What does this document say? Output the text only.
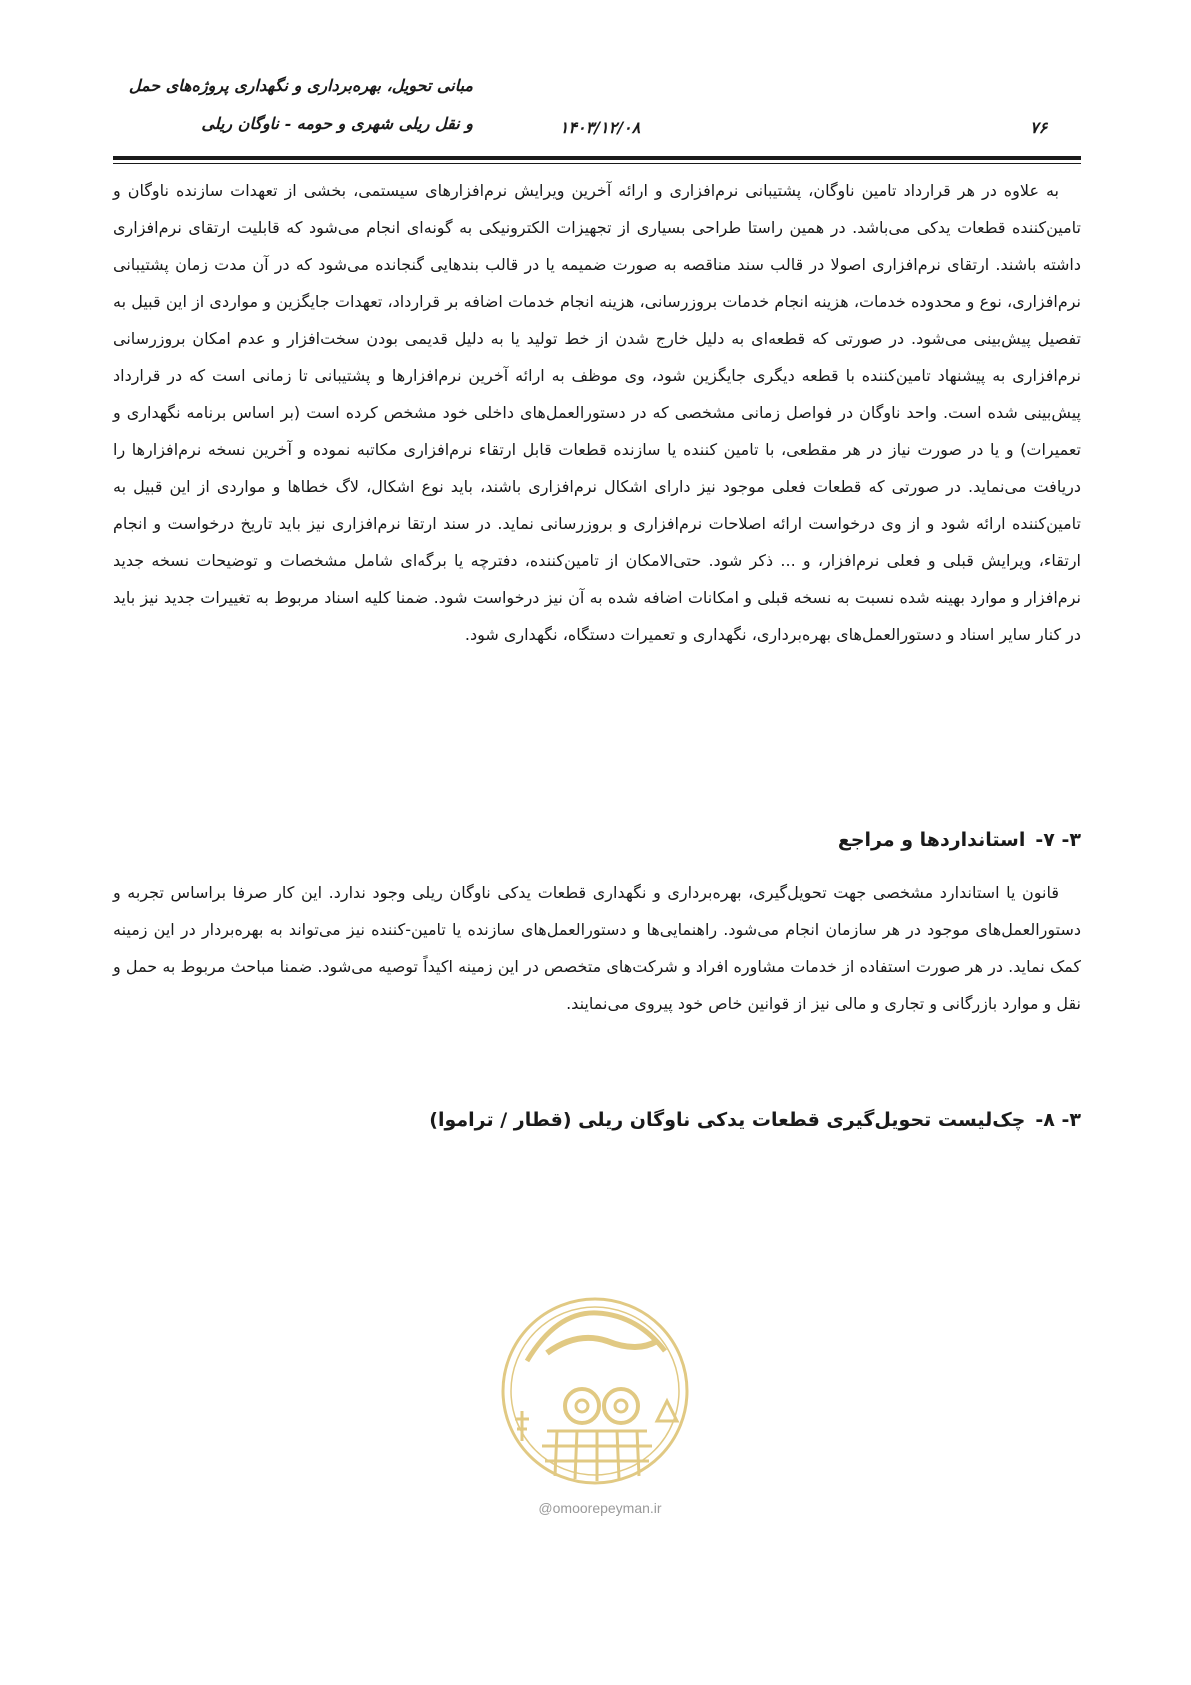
مبانی تحویل، بهره‌برداری و نگهداری پروژه‌های حمل
و نقل ریلی شهری و حومه - ناوگان ریلی	۱۴۰۳/۱۲/۰۸	۷۶

به علاوه در هر قرارداد تامین ناوگان، پشتیبانی نرم‌افزاری و ارائه آخرین ویرایش نرم‌افزارهای سیستمی، بخشی از تعهدات سازنده ناوگان و تامین‌کننده قطعات یدکی می‌باشد. در همین راستا طراحی بسیاری از تجهیزات الکترونیکی به گونه‌ای انجام می‌شود که قابلیت ارتقای نرم‌افزاری داشته باشند. ارتقای نرم‌افزاری اصولا در قالب سند مناقصه به صورت ضمیمه یا در قالب بندهایی گنجانده می‌شود که در آن مدت زمان پشتیبانی نرم‌افزاری، نوع و محدوده خدمات، هزینه انجام خدمات بروزرسانی، هزینه انجام خدمات اضافه بر قرارداد، تعهدات جایگزین و مواردی از این قبیل به تفصیل پیش‌بینی می‌شود. در صورتی که قطعه‌ای به دلیل خارج شدن از خط تولید یا به دلیل قدیمی بودن سخت‌افزار و عدم امکان بروزرسانی نرم‌افزاری به پیشنهاد تامین‌کننده با قطعه دیگری جایگزین شود، وی موظف به ارائه آخرین نرم‌افزارها و پشتیبانی تا زمانی است که در قرارداد پیش‌بینی شده است. واحد ناوگان در فواصل زمانی مشخصی که در دستورالعمل‌های داخلی خود مشخص کرده است (بر اساس برنامه نگهداری و تعمیرات) و یا در صورت نیاز در هر مقطعی، با تامین کننده یا سازنده قطعات قابل ارتقاء نرم‌افزاری مکاتبه نموده و آخرین نسخه نرم‌افزارها را دریافت می‌نماید. در صورتی که قطعات فعلی موجود نیز دارای اشکال نرم‌افزاری باشند، باید نوع اشکال، لاگ خطاها و مواردی از این قبیل به تامین‌کننده ارائه شود و از وی درخواست ارائه اصلاحات نرم‌افزاری و بروزرسانی نماید. در سند ارتقا نرم‌افزاری نیز باید تاریخ درخواست و انجام ارتقاء، ویرایش قبلی و فعلی نرم‌افزار، و ... ذکر شود. حتی‌الامکان از تامین‌کننده، دفترچه یا برگه‌ای شامل مشخصات و توضیحات نسخه جدید نرم‌افزار و موارد بهینه شده نسبت به نسخه قبلی و امکانات اضافه شده به آن نیز درخواست شود. ضمنا کلیه اسناد مربوط به تغییرات جدید نیز باید در کنار سایر اسناد و دستورالعمل‌های بهره‌برداری، نگهداری و تعمیرات دستگاه، نگهداری شود.

۳- ۷-استانداردها و مراجع

قانون یا استاندارد مشخصی جهت تحویل‌گیری، بهره‌برداری و نگهداری قطعات یدکی ناوگان ریلی وجود ندارد. این کار صرفا براساس تجربه و دستورالعمل‌های موجود در هر سازمان انجام می‌شود. راهنمایی‌ها و دستورالعمل‌های سازنده یا تامین-کننده نیز می‌تواند به بهره‌بردار در این زمینه کمک نماید. در هر صورت استفاده از خدمات مشاوره افراد و شرکت‌های متخصص در این زمینه اکیداً توصیه می‌شود. ضمنا مباحث مربوط به حمل و نقل و موارد بازرگانی و تجاری و مالی نیز از قوانین خاص خود پیروی می‌نمایند.

۳- ۸-چک‌لیست تحویل‌گیری قطعات یدکی ناوگان ریلی (قطار / تراموا)
@omoorepeyman.ir
